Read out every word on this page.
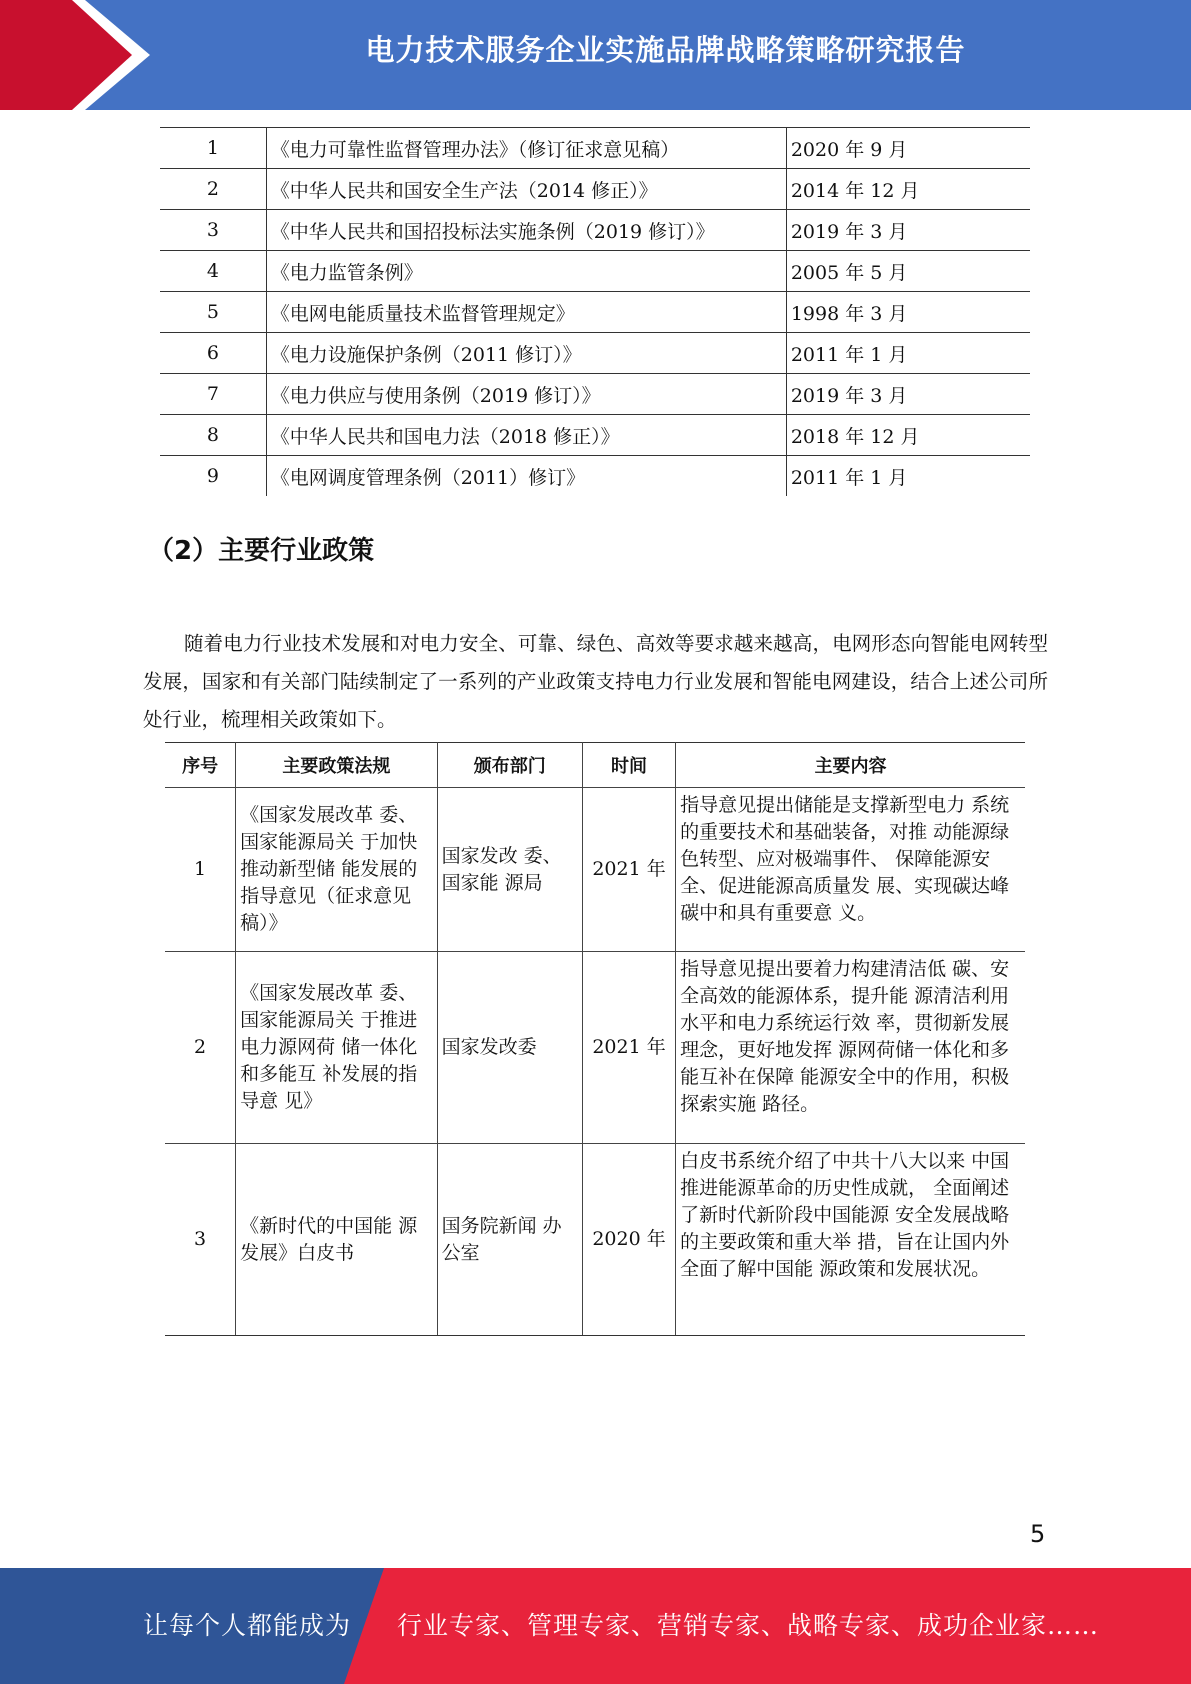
电力技术服务企业实施品牌战略策略研究报告
1	《电力可靠性监督管理办法》（修订征求意见稿）	2020 年 9 月
2	《中华人民共和国安全生产法（2014 修正）》	2014 年 12 月
3	《中华人民共和国招投标法实施条例（2019 修订）》	2019 年 3 月
4	《电力监管条例》	2005 年 5 月
5	《电网电能质量技术监督管理规定》	1998 年 3 月
6	《电力设施保护条例（2011 修订）》	2011 年 1 月
7	《电力供应与使用条例（2019 修订）》	2019 年 3 月
8	《中华人民共和国电力法（2018 修正）》	2018 年 12 月
9	《电网调度管理条例（2011）修订》	2011 年 1 月
（2）主要行业政策

随着电力行业技术发展和对电力安全、可靠、绿色、高效等要求越来越高，电网形态向智能电网转型发展，国家和有关部门陆续制定了一系列的产业政策支持电力行业发展和智能电网建设，结合上述公司所处行业，梳理相关政策如下。

序号	主要政策法规	颁布部门	时间	主要内容
1	《国家发展改革 委、国家能源局关 于加快推动新型储 能发展的指导意见（征求意见稿）》	国家发改 委、国家能 源局	2021 年	指导意见提出储能是支撑新型电力 系统的重要技术和基础装备，对推 动能源绿色转型、应对极端事件、 保障能源安全、促进能源高质量发 展、实现碳达峰碳中和具有重要意 义。
2	《国家发展改革 委、国家能源局关 于推进电力源网荷 储一体化和多能互 补发展的指导意 见》	国家发改委	2021 年	指导意见提出要着力构建清洁低 碳、安全高效的能源体系，提升能 源清洁利用水平和电力系统运行效 率，贯彻新发展理念，更好地发挥 源网荷储一体化和多能互补在保障 能源安全中的作用，积极探索实施 路径。
3	《新时代的中国能 源发展》白皮书	国务院新闻 办公室	2020 年	白皮书系统介绍了中共十八大以来 中国推进能源革命的历史性成就， 全面阐述了新时代新阶段中国能源 安全发展战略的主要政策和重大举 措，旨在让国内外全面了解中国能 源政策和发展状况。
5
让每个人都能成为 行业专家、管理专家、营销专家、战略专家、成功企业家……
